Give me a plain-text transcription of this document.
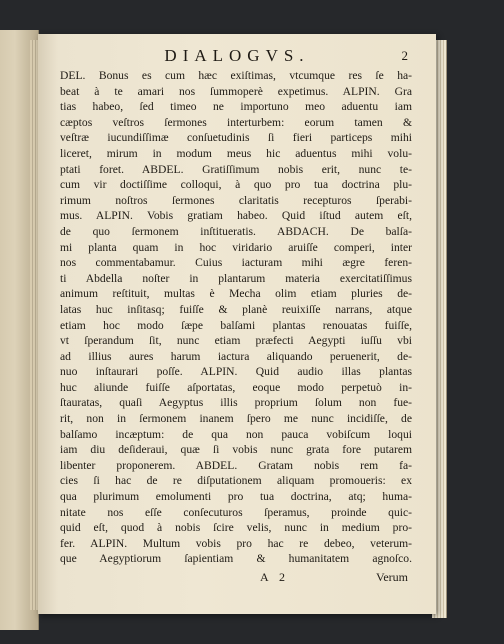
DIALOGVS.	2
DEL. Bonus es cum hæc exiſtimas, vtcumque res ſe ha-
beat à te amari nos ſummoperè expetimus. ALPIN. Gra
tias habeo, ſed timeo ne importuno meo aduentu iam
cæptos veſtros ſermones interturbem: eorum tamen &
veſtræ iucundiſſimæ conſuetudinis ſi fieri particeps mihi
liceret, mirum in modum meus hic aduentus mihi volu-
ptati foret. ABDEL. Gratiſſimum nobis erit, nunc te-
cum vir doctiſſime colloqui, à quo pro tua doctrina plu-
rimum noſtros ſermones claritatis recepturos ſperabi-
mus. ALPIN. Vobis gratiam habeo. Quid iſtud autem eſt,
de quo ſermonem inſtitueratis. ABDACH. De balſa-
mi planta quam in hoc viridario aruiſſe comperi, inter
nos commentabamur. Cuius iacturam mihi ægre feren-
ti Abdella noſter in plantarum materia exercitatiſſimus
animum reſtituit, multas è Mecha olim etiam pluries de-
latas huc inſitasq; fuiſſe & planè reuixiſſe narrans, atque
etiam hoc modo ſæpe balſami plantas renouatas fuiſſe,
vt ſperandum ſit, nunc etiam præfecti Aegypti iuſſu vbi
ad illius aures harum iactura aliquando peruenerit, de-
nuo inſtaurari poſſe. ALPIN. Quid audio illas plantas
huc aliunde fuiſſe aſportatas, eoque modo perpetuò in-
ſtauratas, quaſi Aegyptus illis proprium ſolum non fue-
rit, non in ſermonem inanem ſpero me nunc incidiſſe, de
balſamo incæptum: de qua non pauca vobiſcum loqui
iam diu deſideraui, quæ ſi vobis nunc grata fore putarem
libenter proponerem. ABDEL. Gratam nobis rem fa-
cies ſi hac de re diſputationem aliquam promoueris: ex
qua plurimum emolumenti pro tua doctrina, atq; huma-
nitate nos eſſe conſecuturos ſperamus, proinde quic-
quid eſt, quod à nobis ſcire velis, nunc in medium pro-
fer. ALPIN. Multum vobis pro hac re debeo, veterum-
que Aegyptiorum ſapientiam & humanitatem agnoſco.
A 2	Verum
